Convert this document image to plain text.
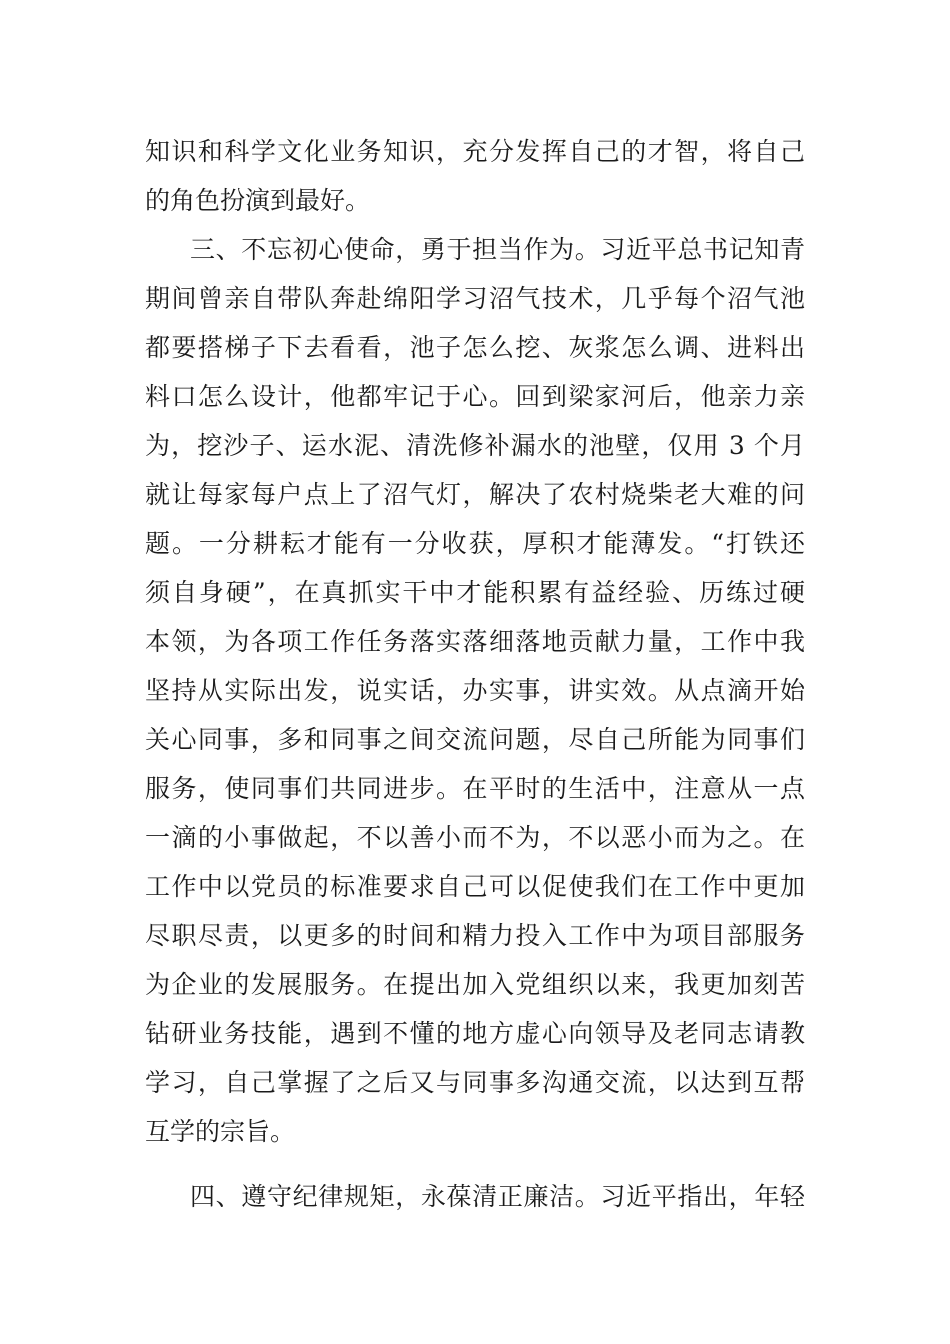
知识和科学文化业务知识，充分发挥自己的才智，将自己
的角色扮演到最好。
三、不忘初心使命，勇于担当作为。习近平总书记知青
期间曾亲自带队奔赴绵阳学习沼气技术，几乎每个沼气池
都要搭梯子下去看看，池子怎么挖、灰浆怎么调、进料出
料口怎么设计，他都牢记于心。回到梁家河后，他亲力亲
为，挖沙子、运水泥、清洗修补漏水的池壁，仅用 3 个月
就让每家每户点上了沼气灯，解决了农村烧柴老大难的问
题。一分耕耘才能有一分收获，厚积才能薄发。“打铁还
须自身硬”，在真抓实干中才能积累有益经验、历练过硬
本领，为各项工作任务落实落细落地贡献力量，工作中我
坚持从实际出发，说实话，办实事，讲实效。从点滴开始
关心同事，多和同事之间交流问题，尽自己所能为同事们
服务，使同事们共同进步。在平时的生活中，注意从一点
一滴的小事做起，不以善小而不为，不以恶小而为之。在
工作中以党员的标准要求自己可以促使我们在工作中更加
尽职尽责，以更多的时间和精力投入工作中为项目部服务
为企业的发展服务。在提出加入党组织以来，我更加刻苦
钻研业务技能，遇到不懂的地方虚心向领导及老同志请教
学习，自己掌握了之后又与同事多沟通交流，以达到互帮
互学的宗旨。
四、遵守纪律规矩，永葆清正廉洁。习近平指出，年轻
